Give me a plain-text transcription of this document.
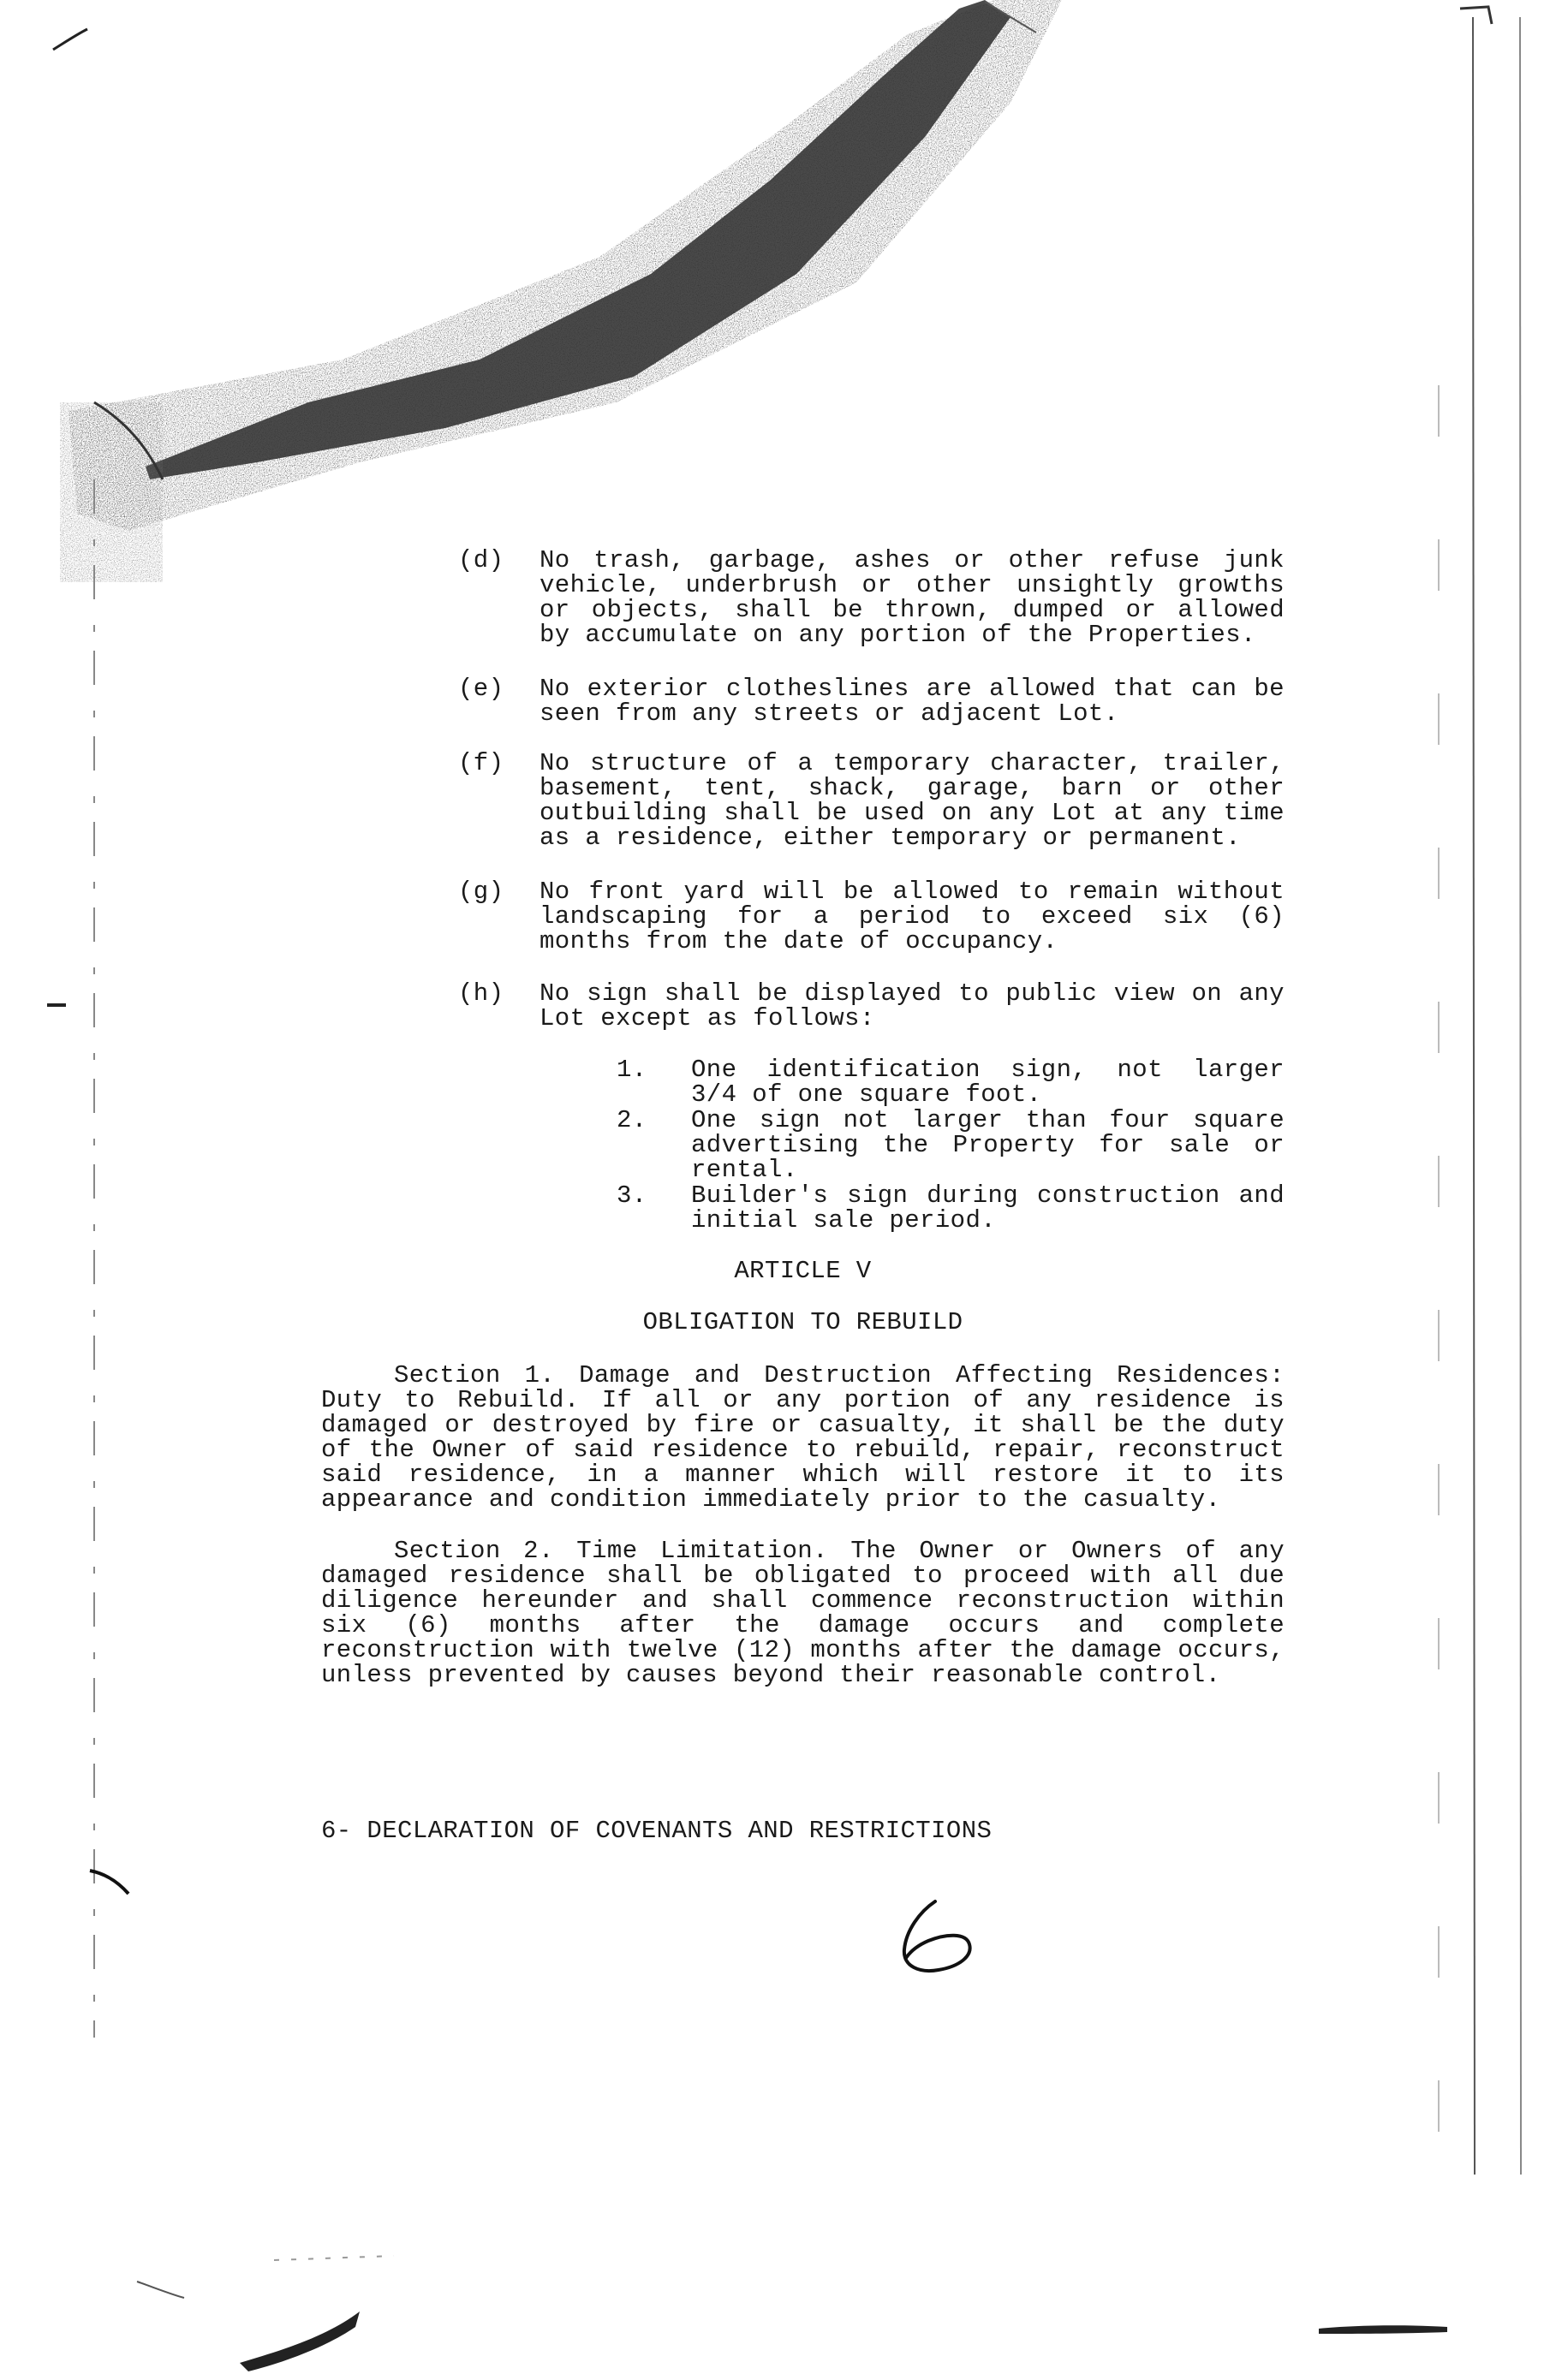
(d)	No trash, garbage, ashes or other refuse junk vehicle, underbrush or other unsightly growths or objects, shall be thrown, dumped or allowed by accumulate on any portion of the Properties.
(e)	No exterior clotheslines are allowed that can be seen from any streets or adjacent Lot.
(f)	No structure of a temporary character, trailer, basement, tent, shack, garage, barn or other outbuilding shall be used on any Lot at any time as a residence, either temporary or permanent.
(g)	No front yard will be allowed to remain without landscaping for a period to exceed six (6) months from the date of occupancy.
(h)	No sign shall be displayed to public view on any Lot except as follows:
1.	One identification sign, not larger 3/4 of one square foot.
2.	One sign not larger than four square advertising the Property for sale or rental.
3.	Builder's sign during construction and initial sale period.
ARTICLE V
OBLIGATION TO REBUILD
Section 1. Damage and Destruction Affecting Residences: Duty to Rebuild. If all or any portion of any residence is damaged or destroyed by fire or casualty, it shall be the duty of the Owner of said residence to rebuild, repair, reconstruct said residence, in a manner which will restore it to its appearance and condition immediately prior to the casualty.
Section 2. Time Limitation. The Owner or Owners of any damaged residence shall be obligated to proceed with all due diligence hereunder and shall commence reconstruction within six (6) months after the damage occurs and complete reconstruction with twelve (12) months after the damage occurs, unless prevented by causes beyond their reasonable control.
6- DECLARATION OF COVENANTS AND RESTRICTIONS
